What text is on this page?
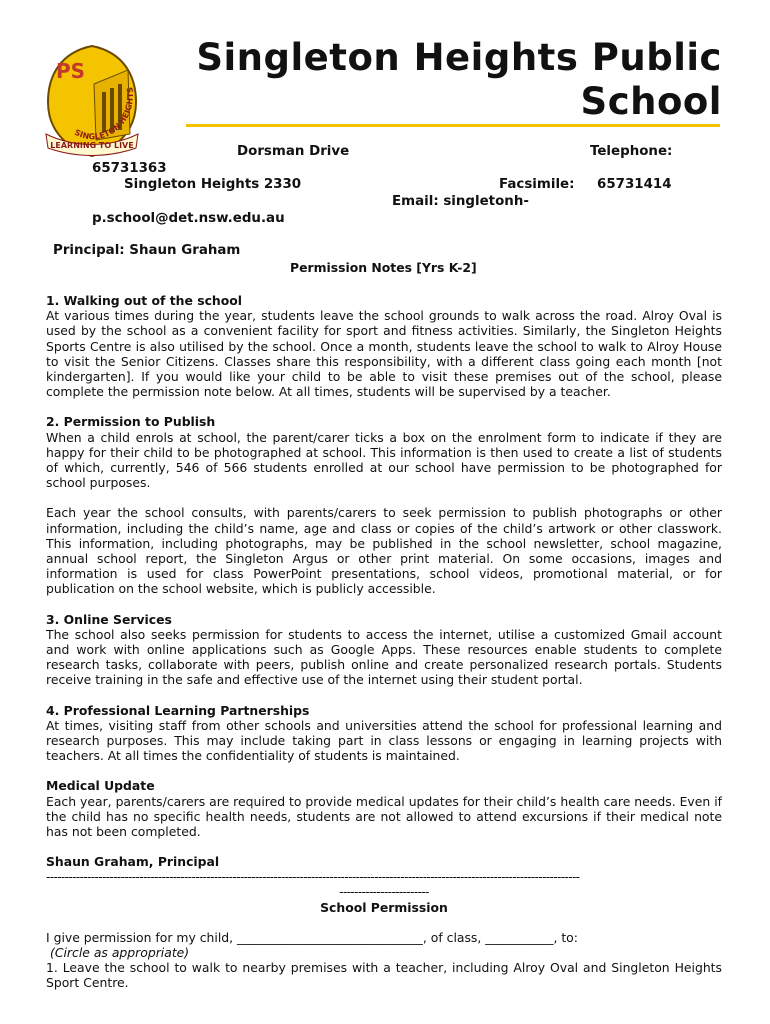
PS
SINGLETON HEIGHTS
LEARNING TO LIVE
Singleton Heights Public School
Dorsman Drive	Telephone:
65731363
Singleton Heights 2330	Facsimile: 65731414
Email: singletonh-
p.school@det.nsw.edu.au
Principal: Shaun Graham
Permission Notes [Yrs K-2]
1. Walking out of the school

At various times during the year, students leave the school grounds to walk across the road. Alroy Oval is used by the school as a convenient facility for sport and fitness activities. Similarly, the Singleton Heights Sports Centre is also utilised by the school. Once a month, students leave the school to walk to Alroy House to visit the Senior Citizens. Classes share this responsibility, with a different class going each month [not kindergarten]. If you would like your child to be able to visit these premises out of the school, please complete the permission note below. At all times, students will be supervised by a teacher.

2. Permission to Publish

When a child enrols at school, the parent/carer ticks a box on the enrolment form to indicate if they are happy for their child to be photographed at school. This information is then used to create a list of students of which, currently, 546 of 566 students enrolled at our school have permission to be photographed for school purposes.

Each year the school consults, with parents/carers to seek permission to publish photographs or other information, including the child’s name, age and class or copies of the child’s artwork or other classwork. This information, including photographs, may be published in the school newsletter, school magazine, annual school report, the Singleton Argus or other print material. On some occasions, images and information is used for class PowerPoint presentations, school videos, promotional material, or for publication on the school website, which is publicly accessible.

3. Online Services

The school also seeks permission for students to access the internet, utilise a customized Gmail account and work with online applications such as Google Apps. These resources enable students to complete research tasks, collaborate with peers, publish online and create personalized research portals. Students receive training in the safe and effective use of the internet using their student portal.

4. Professional Learning Partnerships

At times, visiting staff from other schools and universities attend the school for professional learning and research purposes. This may include taking part in class lessons or engaging in learning projects with teachers. At all times the confidentiality of students is maintained.

Medical Update

Each year, parents/carers are required to provide medical updates for their child’s health care needs. Even if the child has no specific health needs, students are not allowed to attend excursions if their medical note has not been completed.

Shaun Graham, Principal
-----------------------------------------------------------------------------------------------------------------------------------------------
------------------------
School Permission

I give permission for my child, ______________________________, of class, ___________, to:

(Circle as appropriate)

1. Leave the school to walk to nearby premises with a teacher, including Alroy Oval and Singleton Heights Sport Centre.
